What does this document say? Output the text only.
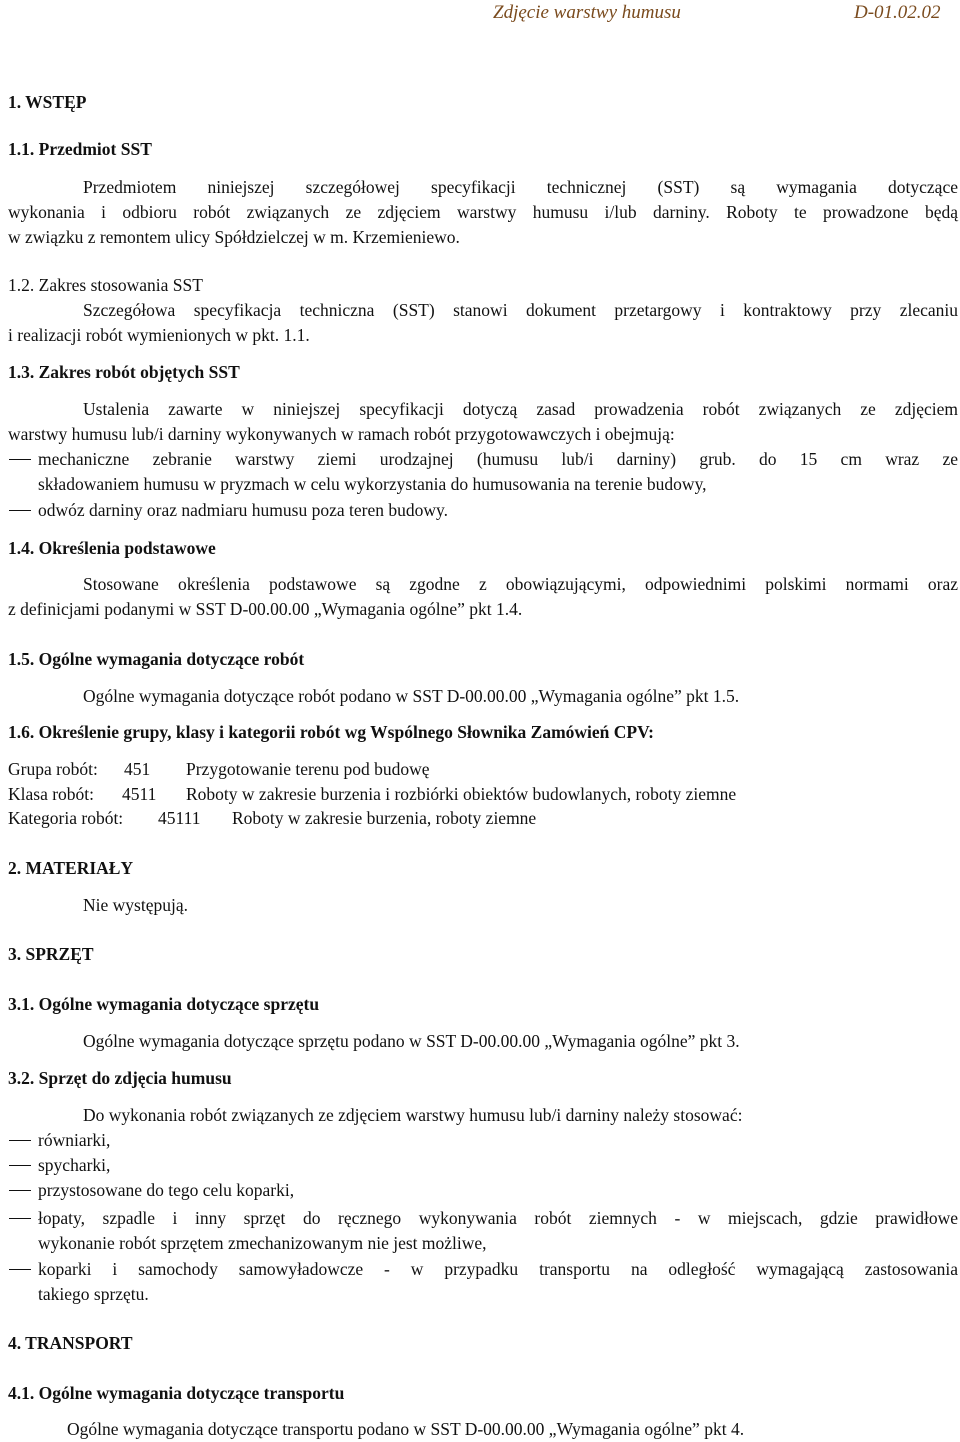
Zdjęcie warstwy humusu	D-01.02.02
1. WSTĘP
1.1. Przedmiot SST
Przedmiotem niniejszej szczegółowej specyfikacji technicznej (SST) są wymagania dotyczące
wykonania i odbioru robót związanych ze zdjęciem warstwy humusu i/lub darniny. Roboty te prowadzone będą
w związku z remontem ulicy Spółdzielczej w m. Krzemieniewo.
1.2. Zakres stosowania SST
Szczegółowa specyfikacja techniczna (SST) stanowi dokument przetargowy i kontraktowy przy zlecaniu
i realizacji robót wymienionych w pkt. 1.1.
1.3. Zakres robót objętych SST
Ustalenia zawarte w niniejszej specyfikacji dotyczą zasad prowadzenia robót związanych ze zdjęciem
warstwy humusu lub/i darniny wykonywanych w ramach robót przygotowawczych i obejmują:
mechaniczne zebranie warstwy ziemi urodzajnej (humusu lub/i darniny) grub. do 15 cm wraz ze
składowaniem humusu w pryzmach w celu wykorzystania do humusowania na terenie budowy,
odwóz darniny oraz nadmiaru humusu poza teren budowy.
1.4. Określenia podstawowe
Stosowane określenia podstawowe są zgodne z obowiązującymi, odpowiednimi polskimi normami oraz
z definicjami podanymi w SST D-00.00.00 „Wymagania ogólne” pkt 1.4.
1.5. Ogólne wymagania dotyczące robót
Ogólne wymagania dotyczące robót podano w SST D-00.00.00 „Wymagania ogólne” pkt 1.5.
1.6. Określenie grupy, klasy i kategorii robót wg Wspólnego Słownika Zamówień CPV:
Grupa robót: 451 Przygotowanie terenu pod budowę
Klasa robót: 4511 Roboty w zakresie burzenia i rozbiórki obiektów budowlanych, roboty ziemne
Kategoria robót: 45111 Roboty w zakresie burzenia, roboty ziemne
2. MATERIAŁY
Nie występują.
3. SPRZĘT
3.1. Ogólne wymagania dotyczące sprzętu
Ogólne wymagania dotyczące sprzętu podano w SST D-00.00.00 „Wymagania ogólne” pkt 3.
3.2. Sprzęt do zdjęcia humusu
Do wykonania robót związanych ze zdjęciem warstwy humusu lub/i darniny należy stosować:
równiarki,
spycharki,
przystosowane do tego celu koparki,
łopaty, szpadle i inny sprzęt do ręcznego wykonywania robót ziemnych - w miejscach, gdzie prawidłowe
wykonanie robót sprzętem zmechanizowanym nie jest możliwe,
koparki i samochody samowyładowcze - w przypadku transportu na odległość wymagającą zastosowania
takiego sprzętu.
4. TRANSPORT
4.1. Ogólne wymagania dotyczące transportu
Ogólne wymagania dotyczące transportu podano w SST D-00.00.00 „Wymagania ogólne” pkt 4.
